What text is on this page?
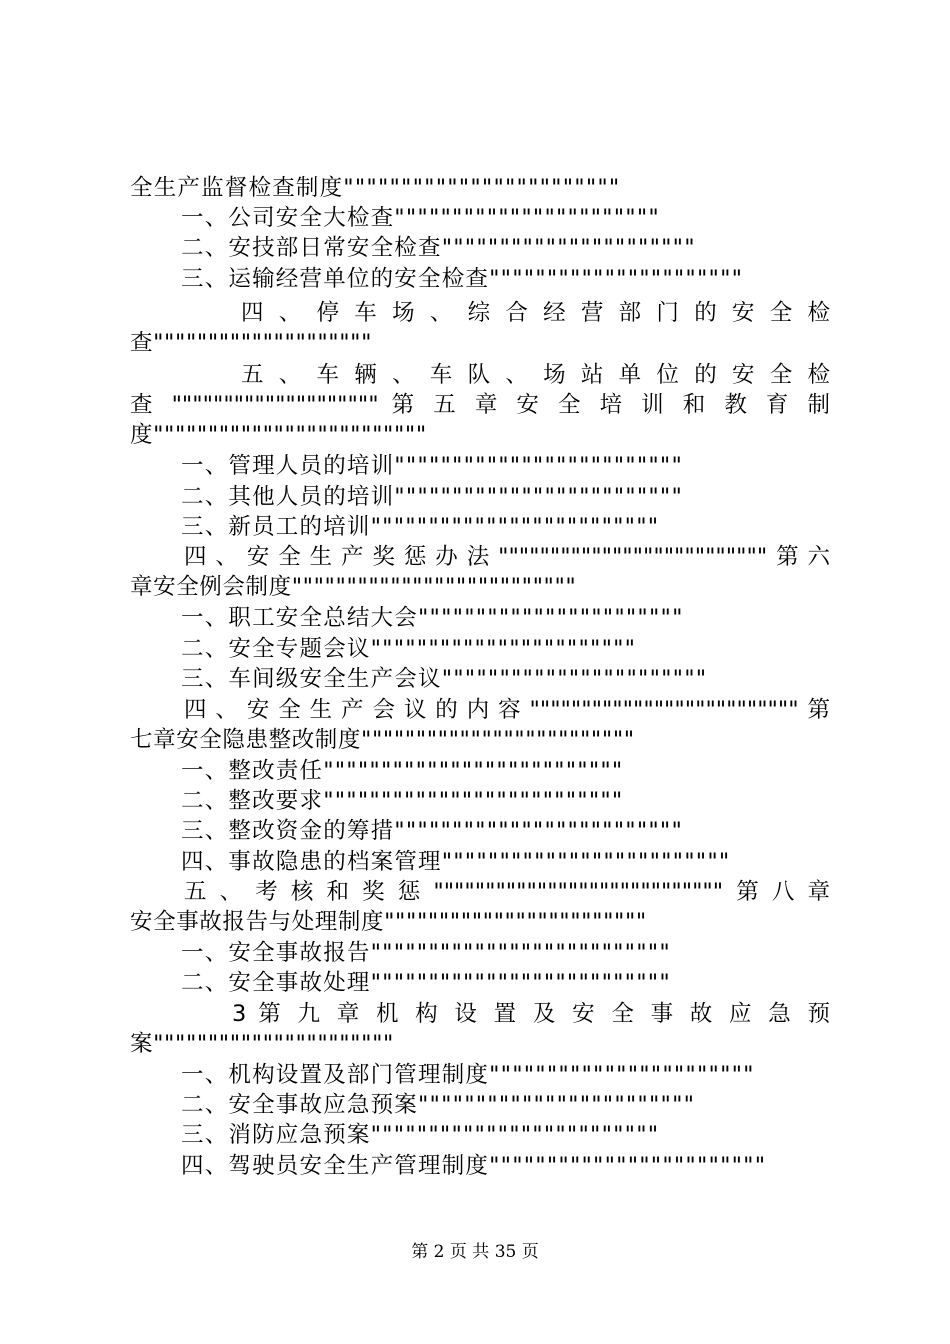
全生产监督检查制度""""""""""""""""""""""""
一、公司安全大检查"""""""""""""""""""""""
二、安技部日常安全检查""""""""""""""""""""""
三、运输经营单位的安全检查""""""""""""""""""""""
四 、 停 车 场 、 综 合 经 营 部 门 的 安 全 检
查""""""""""""""""""""
五 、 车 辆 、 车 队 、 场 站 单 位 的 安 全 检
查 """""""""""""""""""" 第 五 章 安 全 培 训 和 教 育 制
度"""""""""""""""""""""""""
一、管理人员的培训"""""""""""""""""""""""""
二、其他人员的培训"""""""""""""""""""""""""
三、新员工的培训"""""""""""""""""""""""""
四、安全生产奖惩办法""""""""""""""""""""""""""第六
章安全例会制度""""""""""""""""""""""""""
一、职工安全总结大会"""""""""""""""""""""""
二、安全专题会议"""""""""""""""""""""""
三、车间级安全生产会议"""""""""""""""""""""""
四、安全生产会议的内容""""""""""""""""""""""""""第
七章安全隐患整改制度"""""""""""""""""""""""""
一、整改责任""""""""""""""""""""""""""
二、整改要求""""""""""""""""""""""""""
三、整改资金的筹措"""""""""""""""""""""""""
四、事故隐患的档案管理"""""""""""""""""""""""""
五、考核和奖惩""""""""""""""""""""""""""""第八章
安全事故报告与处理制度""""""""""""""""""""""""
一、安全事故报告""""""""""""""""""""""""""
二、安全事故处理""""""""""""""""""""""""""
3 第 九 章 机 构 设 置 及 安 全 事 故 应 急 预
案""""""""""""""""""""""
一、机构设置及部门管理制度"""""""""""""""""""""""
二、安全事故应急预案""""""""""""""""""""""""
三、消防应急预案"""""""""""""""""""""""""
四、驾驶员安全生产管理制度""""""""""""""""""""""""
第 2 页 共 35 页
